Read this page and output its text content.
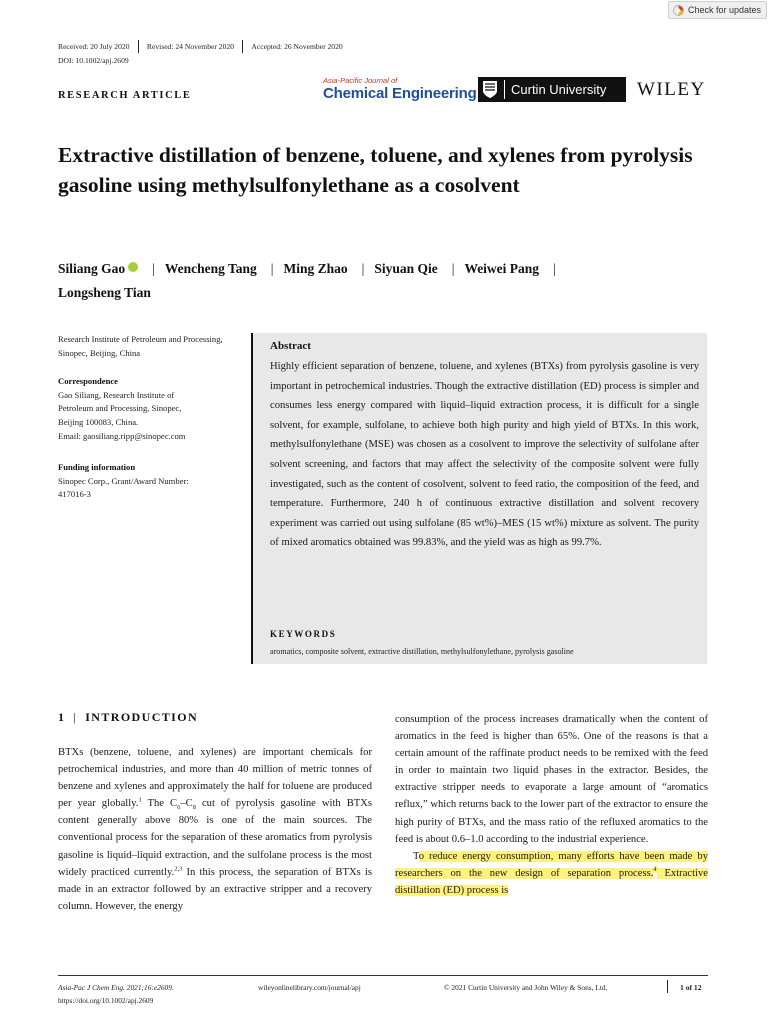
Check for updates
Received: 20 July 2020 Revised: 24 November 2020 Accepted: 26 November 2020
DOI: 10.1002/apj.2609
RESEARCH ARTICLE
Asia-Pacific Journal of
Chemical Engineering	Curtin University WILEY
Extractive distillation of benzene, toluene, and xylenes from pyrolysis gasoline using methylsulfonylethane as a cosolvent
Siliang GaoiD | Wencheng Tang | Ming Zhao | Siyuan Qie | Weiwei Pang |
Longsheng Tian
Research Institute of Petroleum and Processing, Sinopec, Beijing, China
Correspondence
Gao Siliang, Research Institute of
Petroleum and Processing, Sinopec,
Beijing 100083, China.
Email: gaosiliang.ripp@sinopec.com
Funding information
Sinopec Corp., Grant/Award Number:
417016-3
Abstract
Highly efficient separation of benzene, toluene, and xylenes (BTXs) from pyrolysis gasoline is very important in petrochemical industries. Though the extractive distillation (ED) process is simpler and consumes less energy compared with liquid–liquid extraction process, it is difficult for a single solvent, for example, sulfolane, to achieve both high purity and high yield of BTXs. In this work, methylsulfonylethane (MSE) was chosen as a cosolvent to improve the selectivity of sulfolane after solvent screening, and factors that may affect the selectivity of the composite solvent were fully investigated, such as the content of cosolvent, solvent to feed ratio, the composition of the feed, and temperature. Furthermore, 240 h of continuous extractive distillation and solvent recovery experiment was carried out using sulfolane (85 wt%)–MES (15 wt%) mixture as solvent. The purity of mixed aromatics obtained was 99.83%, and the yield was as high as 99.7%.
KEYWORDS
aromatics, composite solvent, extractive distillation, methylsulfonylethane, pyrolysis gasoline
1 | INTRODUCTION
BTXs (benzene, toluene, and xylenes) are important chemicals for petrochemical industries, and more than 40 million of metric tonnes of benzene and xylenes and approximately the half for toluene are produced per year globally.$^1$ The $C_6-C_8$ cut of pyrolysis gasoline with BTXs content generally above 80% is one of the main sources. The conventional process for the separation of these aromatics from pyrolysis gasoline is liquid–liquid extraction, and the sulfolane process is the most widely practiced currently.$^{2,3}$ In this process, the separation of BTXs is made in an extractor followed by an extractive stripper and a recovery column. However, the energy
consumption of the process increases dramatically when the content of aromatics in the feed is higher than 65%. One of the reasons is that a certain amount of the raffinate product needs to be remixed with the feed in order to maintain two liquid phases in the extractor. Besides, the extractive stripper needs to evaporate a large amount of “aromatics reflux,” which returns back to the lower part of the extractor to ensure the high purity of BTXs, and the mass ratio of the refluxed aromatics to the feed is about 0.6–1.0 according to the industrial experience.
To reduce energy consumption, many efforts have been made by researchers on the new design of separation process.$^4$ Extractive distillation (ED) process is
Asia-Pac J Chem Eng. 2021;16:e2609.
https://doi.org/10.1002/apj.2609
wileyonlinelibrary.com/journal/apj	© 2021 Curtin University and John Wiley & Sons, Ltd.	1 of 12
